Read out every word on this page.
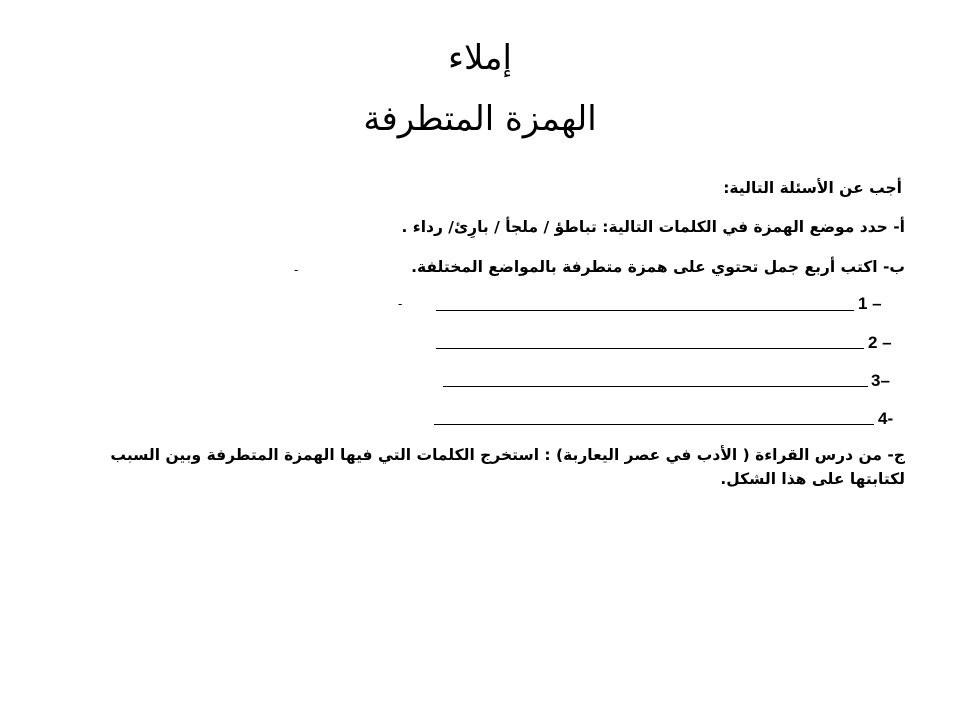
إملاء
الهمزة المتطرفة
أجب عن الأسئلة التالية:
أ- حدد موضع الهمزة في الكلمات التالية: تباطؤ / ملجأ / بارِئ/ رداء .
ب- اكتب أربع جمل تحتوي على همزة متطرفة بالمواضع المختلفة.
-
-	1 –
2 –
3–
4-
ج- من درس القراءة ( الأدب في عصر اليعاربة) : استخرج الكلمات التي فيها الهمزة المتطرفة وبين السبب لكتابتها على هذا الشكل.
